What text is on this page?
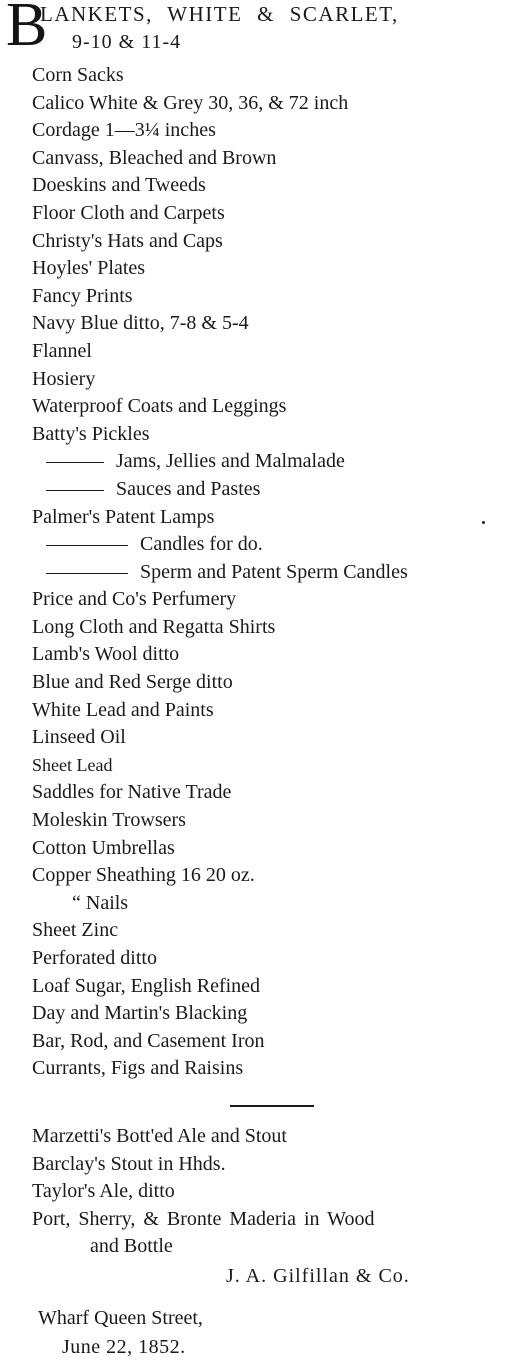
B
LANKETS, WHITE & SCARLET,
9-10 & 11-4
Corn Sacks
Calico White & Grey 30, 36, & 72 inch
Cordage 1—3¼ inches
Canvass, Bleached and Brown
Doeskins and Tweeds
Floor Cloth and Carpets
Christy's Hats and Caps
Hoyles' Plates
Fancy Prints
Navy Blue ditto, 7-8 & 5-4
Flannel
Hosiery
Waterproof Coats and Leggings
Batty's Pickles
Jams, Jellies and Malmalade
Sauces and Pastes
Palmer's Patent Lamps
Candles for do.
Sperm and Patent Sperm Candles
Price and Co's Perfumery
Long Cloth and Regatta Shirts
Lamb's Wool ditto
Blue and Red Serge ditto
White Lead and Paints
Linseed Oil
Sheet Lead
Saddles for Native Trade
Moleskin Trowsers
Cotton Umbrellas
Copper Sheathing 16 20 oz.
“ Nails
Sheet Zinc
Perforated ditto
Loaf Sugar, English Refined
Day and Martin's Blacking
Bar, Rod, and Casement Iron
Currants, Figs and Raisins
Marzetti's Bott'ed Ale and Stout
Barclay's Stout in Hhds.
Taylor's Ale, ditto
Port, Sherry, & Bronte Maderia in Wood
and Bottle
J. A. Gilfillan & Co.
Wharf Queen Street,
June 22, 1852.
